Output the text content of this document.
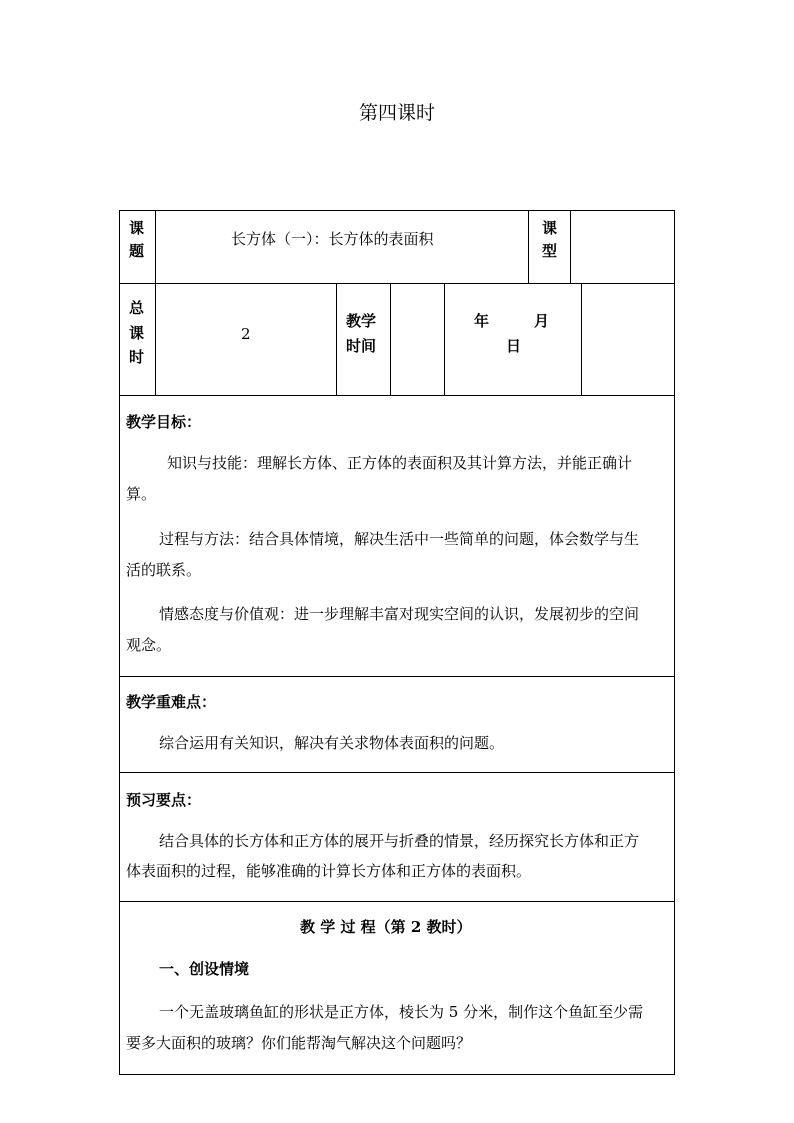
第四课时
课
题
长方体（一）：长方体的表面积
课
型
总
课
时
2
教学
时间
年　　　月
日
教学目标：
知识与技能：理解长方体、正方体的表面积及其计算方法，并能正确计
算。
过程与方法：结合具体情境，解决生活中一些简单的问题，体会数学与生
活的联系。
情感态度与价值观：进一步理解丰富对现实空间的认识，发展初步的空间
观念。
教学重难点：
综合运用有关知识，解决有关求物体表面积的问题。
预习要点：
结合具体的长方体和正方体的展开与折叠的情景，经历探究长方体和正方
体表面积的过程，能够准确的计算长方体和正方体的表面积。
教 学 过 程（第 2 教时）
一、创设情境
一个无盖玻璃鱼缸的形状是正方体，棱长为 5 分米，制作这个鱼缸至少需
要多大面积的玻璃？你们能帮淘气解决这个问题吗？
